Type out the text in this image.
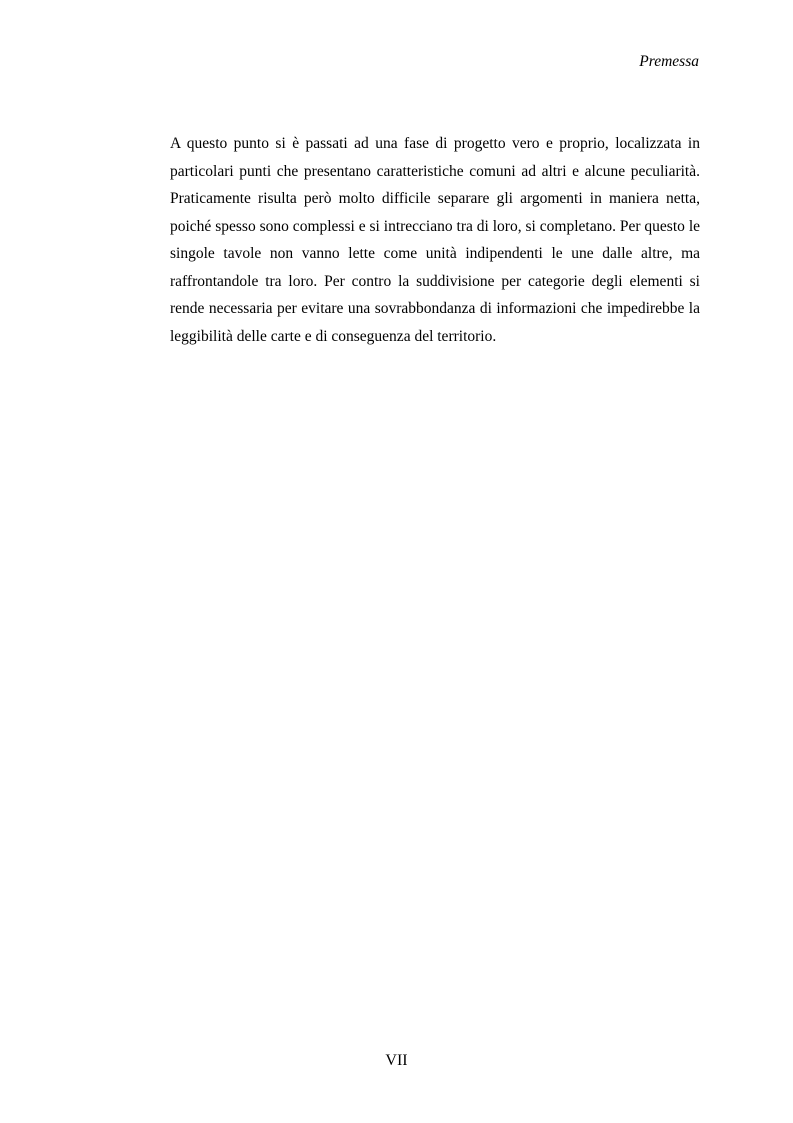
Premessa

A questo punto si è passati ad una fase di progetto vero e proprio, localizzata in particolari punti che presentano caratteristiche comuni ad altri e alcune peculiarità. Praticamente risulta però molto difficile separare gli argomenti in maniera netta, poiché spesso sono complessi e si intrecciano tra di loro, si completano. Per questo le singole tavole non vanno lette come unità indipendenti le une dalle altre, ma raffrontandole tra loro. Per contro la suddivisione per categorie degli elementi si rende necessaria per evitare una sovrabbondanza di informazioni che impedirebbe la leggibilità delle carte e di conseguenza del territorio.

VII
